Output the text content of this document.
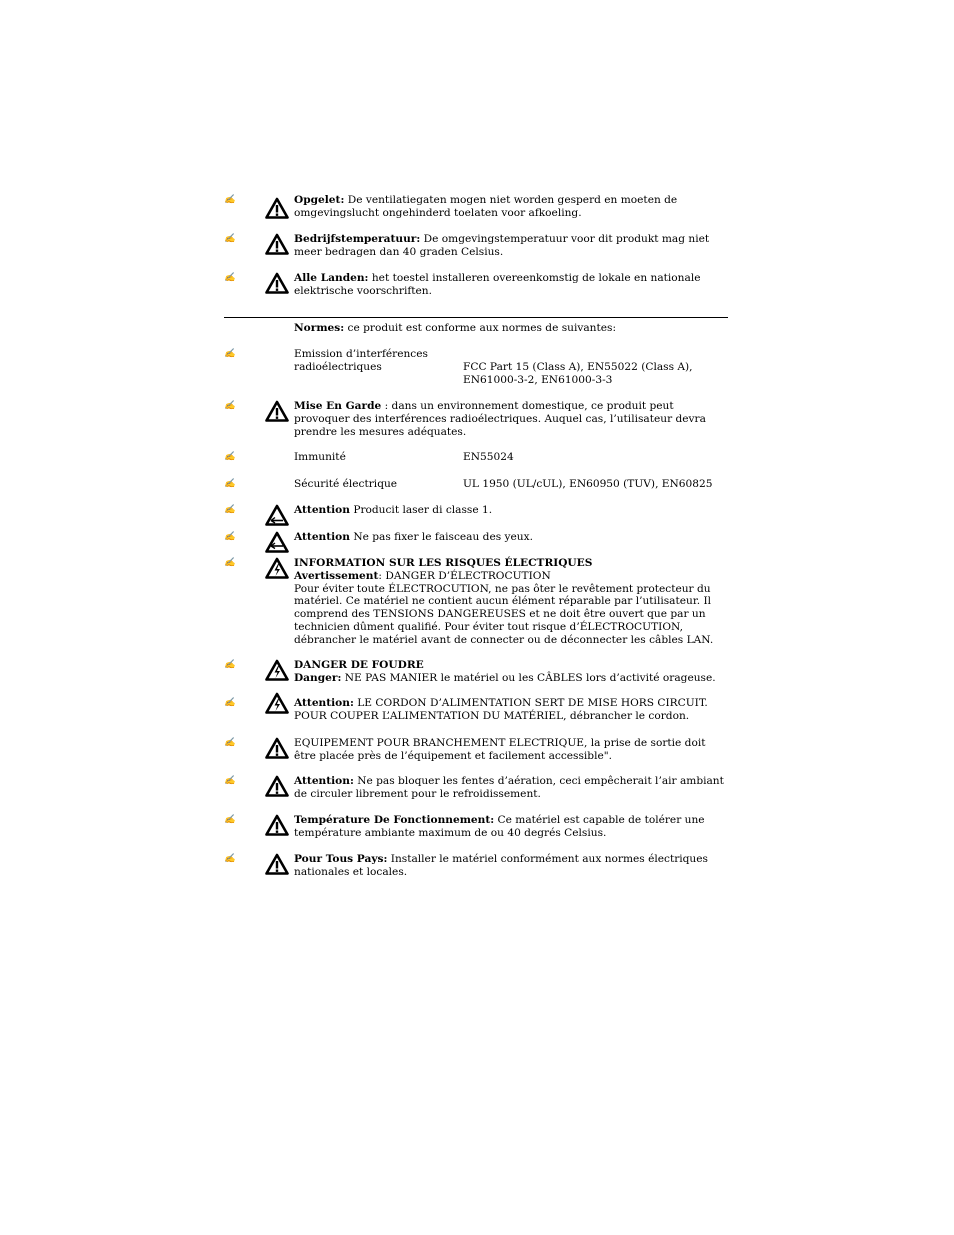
✍	Opgelet: De ventilatiegaten mogen niet worden gesperd en moeten de omgevingslucht ongehinderd toelaten voor afkoeling.

✍	Bedrijfstemperatuur: De omgevingstemperatuur voor dit produkt mag niet meer bedragen dan 40 graden Celsius.

✍	Alle Landen: het toestel installeren overeenkomstig de lokale en nationale elektrische voorschriften.

Normes: ce produit est conforme aux normes de suivantes:

✍	Emission d’interférences
radioélectriques	FCC Part 15 (Class A), EN55022 (Class A),
EN61000-3-2, EN61000-3-3
✍	Mise En Garde : dans un environnement domestique, ce produit peut provoquer des interférences radioélectriques. Auquel cas, l’utilisateur devra prendre les mesures adéquates.

✍	Immunité	EN55024
✍	Sécurité électrique	UL 1950 (UL/cUL), EN60950 (TUV), EN60825
✍	Attention Producit laser di classe 1.

✍	Attention Ne pas fixer le faisceau des yeux.

✍	INFORMATION SUR LES RISQUES ÉLECTRIQUES

Avertissement: DANGER D’ÉLECTROCUTION

Pour éviter toute ÉLECTROCUTION, ne pas ôter le revêtement protecteur du matériel. Ce matériel ne contient aucun élément réparable par l’utilisateur. Il comprend des TENSIONS DANGEREUSES et ne doit être ouvert que par un technicien dûment qualifié. Pour éviter tout risque d’ÉLECTROCUTION, débrancher le matériel avant de connecter ou de déconnecter les câbles LAN.

✍	DANGER DE FOUDRE

Danger: NE PAS MANIER le matériel ou les CÂBLES lors d’activité orageuse.

✍	Attention: LE CORDON D’ALIMENTATION SERT DE MISE HORS CIRCUIT. POUR COUPER L’ALIMENTATION DU MATÉRIEL, débrancher le cordon.

✍	EQUIPEMENT POUR BRANCHEMENT ELECTRIQUE, la prise de sortie doit être placée près de l’équipement et facilement accessible".

✍	Attention: Ne pas bloquer les fentes d’aération, ceci empêcherait l’air ambiant de circuler librement pour le refroidissement.

✍	Température De Fonctionnement: Ce matériel est capable de tolérer une température ambiante maximum de ou 40 degrés Celsius.

✍	Pour Tous Pays: Installer le matériel conformément aux normes électriques nationales et locales.
